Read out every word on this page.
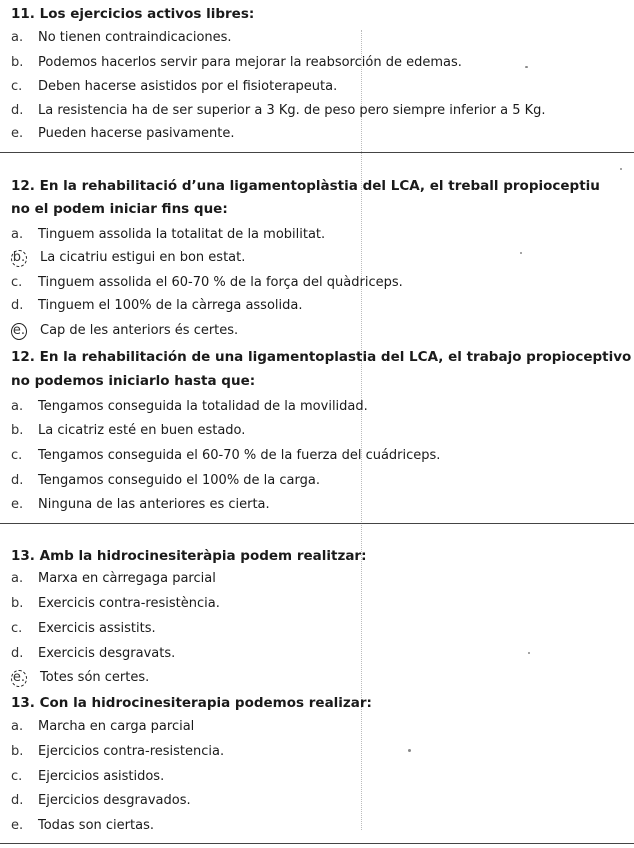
11. Los ejercicios activos libres:
a. No tienen contraindicaciones.
b. Podemos hacerlos servir para mejorar la reabsorción de edemas.
c. Deben hacerse asistidos por el fisioterapeuta.
d. La resistencia ha de ser superior a 3 Kg. de peso pero siempre inferior a 5 Kg.
e. Pueden hacerse pasivamente.
12. En la rehabilitació d’una ligamentoplàstia del LCA, el treball propioceptiu
no el podem iniciar fins que:
a. Tinguem assolida la totalitat de la mobilitat.
b. La cicatriu estigui en bon estat.
c. Tinguem assolida el 60-70 % de la força del quàdriceps.
d. Tinguem el 100% de la càrrega assolida.
e. Cap de les anteriors és certes.
12. En la rehabilitación de una ligamentoplastia del LCA, el trabajo propioceptivo
no podemos iniciarlo hasta que:
a. Tengamos conseguida la totalidad de la movilidad.
b. La cicatriz esté en buen estado.
c. Tengamos conseguida el 60-70 % de la fuerza del cuádriceps.
d. Tengamos conseguido el 100% de la carga.
e. Ninguna de las anteriores es cierta.
13. Amb la hidrocinesiteràpia podem realitzar:
a. Marxa en càrregaga parcial
b. Exercicis contra-resistència.
c. Exercicis assistits.
d. Exercicis desgravats.
e. Totes són certes.
13. Con la hidrocinesiterapia podemos realizar:
a. Marcha en carga parcial
b. Ejercicios contra-resistencia.
c. Ejercicios asistidos.
d. Ejercicios desgravados.
e. Todas son ciertas.
